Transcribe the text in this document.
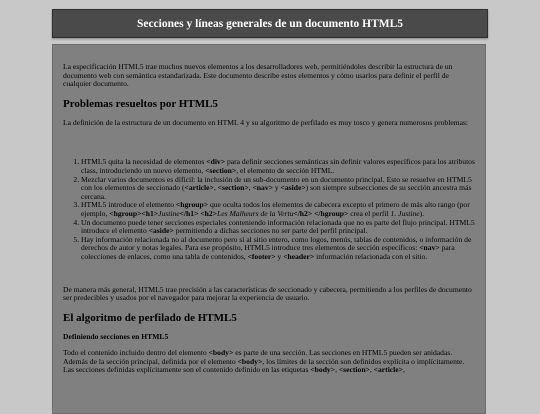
Secciones y líneas generales de un documento HTML5

La especificación HTML5 trae muchos nuevos elementos a los desarrolladores web, permitiéndoles describir la estructura de un documento web con semántica estandarizada. Este documento describe estos elementos y cómo usarlos para definir el perfil de cualquier documento.

Problemas resueltos por HTML5

La definición de la estructura de un documento en HTML 4 y su algoritmo de perfilado es muy tosco y genera numerosos problemas:

1. HTML5 quita la necesidad de elementos <div> para definir secciones semánticas sin definir valores específicos para los atributos class, introduciendo un nuevo elemento, <section>, el elemento de sección HTML.
2. Mezclar varios documentos es difícil: la inclusión de un sub-documento en un documento principal. Esto se resuelve en HTML5 con los elementos de seccionado (<article>, <section>, <nav> y <aside>) son siempre subsecciones de su sección ancestra más cercana.
3. HTML5 introduce el elemento <hgroup> que oculta todos los elementos de cabecera excepto el primero de más alto rango (por ejemplo, <hgroup><h1>Justine</h1> <h2>Les Malheurs de la Vertu</h2> </hgroup> crea el perfil 1. Justine).
4. Un documento puede tener secciones especiales conteniendo información relacionada que no es parte del flujo principal. HTML5 introduce el elemento <aside> permitiendo a dichas secciones no ser parte del perfil principal.
5. Hay información relacionada no al documento pero sí al sitio entero, como logos, menús, tablas de contenidos, o información de derechos de autor y notas legales. Para ese propósito, HTML5 introduce tres elementos de sección específicos: <nav> para colecciones de enlaces, como una tabla de contenidos, <footer> y <header> información relacionada con el sitio.

De manera más general, HTML5 trae precisión a las características de seccionado y cabecera, permitiendo a los perfiles de documento ser predecibles y usados por el navegador para mejorar la experiencia de usuario.

El algoritmo de perfilado de HTML5
Definiendo secciones en HTML5

Todo el contenido incluido dentro del elemento <body> es parte de una sección. Las secciones en HTML5 pueden ser anidadas. Además de la sección principal, definida por el elemento <body>, los límites de la sección son definidos explícita o implícitamente. Las secciones definidas explícitamente son el contenido definido en las etiquetas <body>, <section>, <article>,
